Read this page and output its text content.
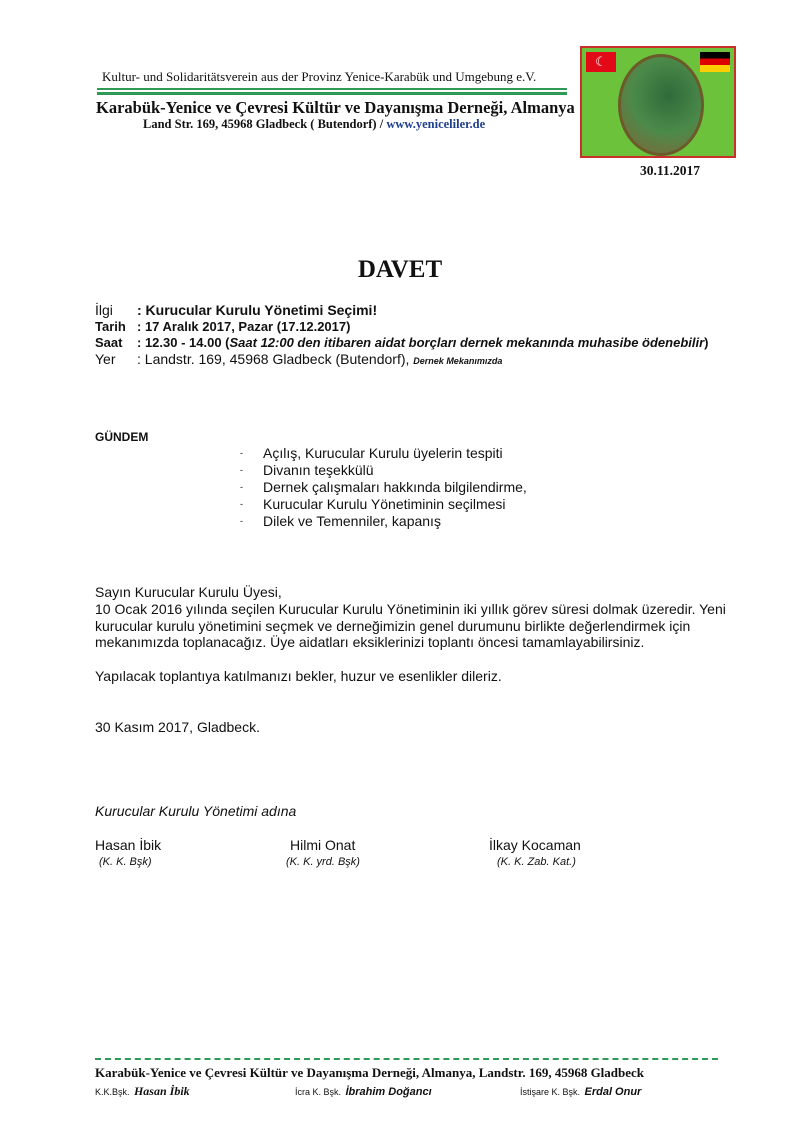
Kultur- und Solidaritätsverein aus der Provinz Yenice-Karabük und Umgebung e.V.
Karabük-Yenice ve Çevresi Kültür ve Dayanışma Derneği, Almanya
Land Str. 169, 45968 Gladbeck ( Butendorf) / www.yeniceliler.de
☾
30.11.2017
DAVET
İlgi : Kurucular Kurulu Yönetimi Seçimi!
Tarih : 17 Aralık 2017, Pazar (17.12.2017)
Saat : 12.30 - 14.00 (Saat 12:00 den itibaren aidat borçları dernek mekanında muhasibe ödenebilir)
Yer : Landstr. 169, 45968 Gladbeck (Butendorf), Dernek Mekanımızda
GÜNDEM
- Açılış, Kurucular Kurulu üyelerin tespiti
- Divanın teşekkülü
- Dernek çalışmaları hakkında bilgilendirme,
- Kurucular Kurulu Yönetiminin seçilmesi
- Dilek ve Temenniler, kapanış

Sayın Kurucular Kurulu Üyesi,

10 Ocak 2016 yılında seçilen Kurucular Kurulu Yönetiminin iki yıllık görev süresi dolmak üzeredir. Yeni kurucular kurulu yönetimini seçmek ve derneğimizin genel durumunu birlikte değerlendirmek için mekanımızda toplanacağız. Üye aidatları eksiklerinizi toplantı öncesi tamamlayabilirsiniz.

Yapılacak toplantıya katılmanızı bekler, huzur ve esenlikler dileriz.

30 Kasım 2017, Gladbeck.

Kurucular Kurulu Yönetimi adına

Hasan İbik
(K. K. Bşk)
Hilmi Onat
(K. K. yrd. Bşk)
İlkay Kocaman
(K. K. Zab. Kat.)
Karabük-Yenice ve Çevresi Kültür ve Dayanışma Derneği, Almanya, Landstr. 169, 45968 Gladbeck
K.K.Bşk. Hasan İbik	İcra K. Bşk. İbrahim Doğancı	İstişare K. Bşk. Erdal Onur
